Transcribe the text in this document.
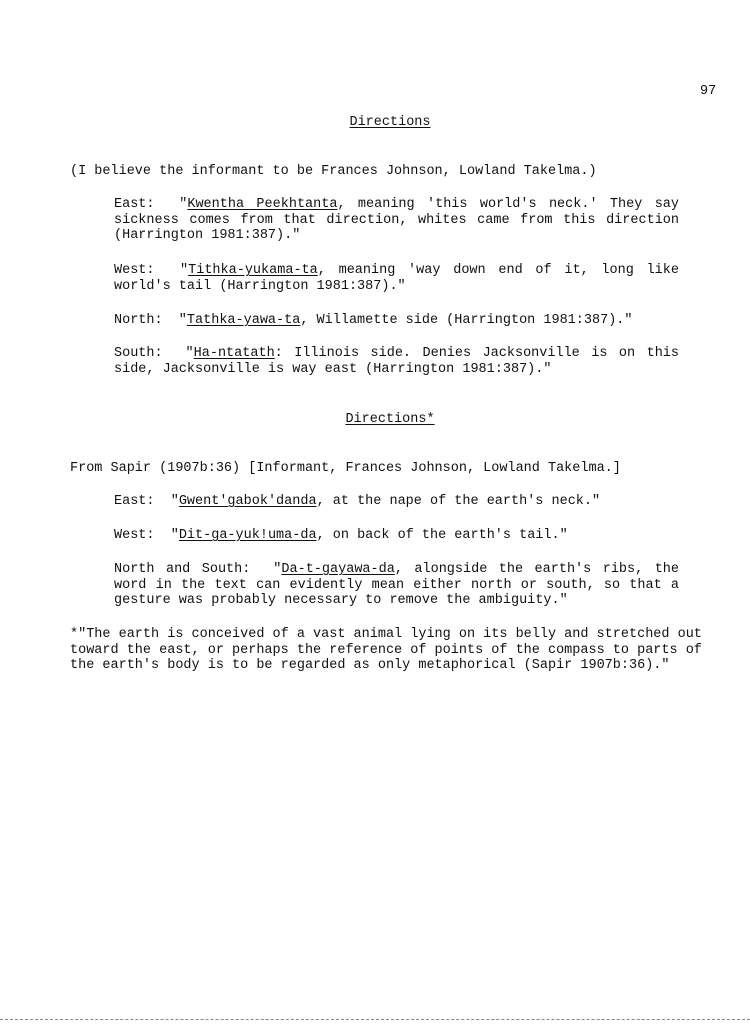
97
Directions
(I believe the informant to be Frances Johnson, Lowland Takelma.)
East:  "Kwentha Peekhtanta, meaning 'this world's neck.' They say sickness comes from that direction, whites came from this direction (Harrington 1981:387)."
West:  "Tithka-yukama-ta, meaning 'way down end of it, long like world's tail (Harrington 1981:387)."
North:  "Tathka-yawa-ta, Willamette side (Harrington 1981:387)."
South:  "Ha-ntatath: Illinois side. Denies Jacksonville is on this side, Jacksonville is way east (Harrington 1981:387)."
Directions*
From Sapir (1907b:36) [Informant, Frances Johnson, Lowland Takelma.]
East:  "Gwent'gabok'danda, at the nape of the earth's neck."
West:  "Dit-ga-yuk!uma-da, on back of the earth's tail."
North and South:  "Da-t-gayawa-da, alongside the earth's ribs, the word in the text can evidently mean either north or south, so that a gesture was probably necessary to remove the ambiguity."
*"The earth is conceived of a vast animal lying on its belly and stretched out
toward the east, or perhaps the reference of points of the compass to parts of
the earth's body is to be regarded as only metaphorical (Sapir 1907b:36)."
